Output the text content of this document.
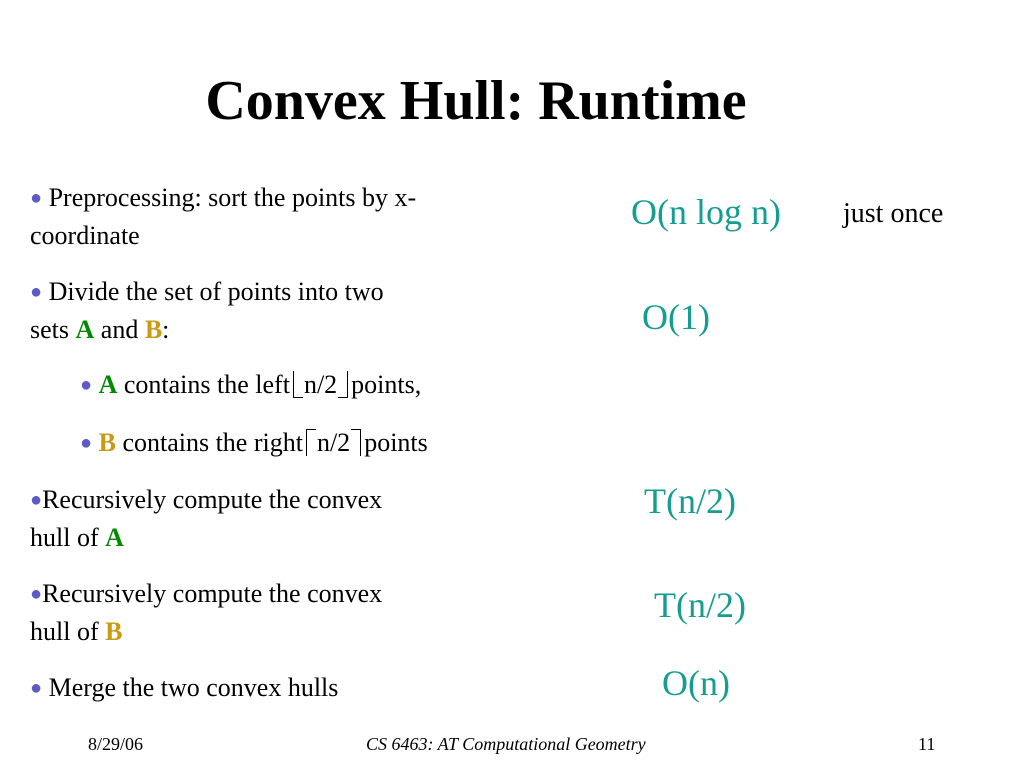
Convex Hull: Runtime
● Preprocessing: sort the points by x-
coordinate
● Divide the set of points into two
sets A and B:
● A contains the left n/2 points,
● B contains the right n/2 points
●Recursively compute the convex
hull of A
●Recursively compute the convex
hull of B
● Merge the two convex hulls
O(n log n) just once
O(1)
T(n/2)
T(n/2)
O(n)
8/29/06	CS 6463: AT Computational Geometry	11
